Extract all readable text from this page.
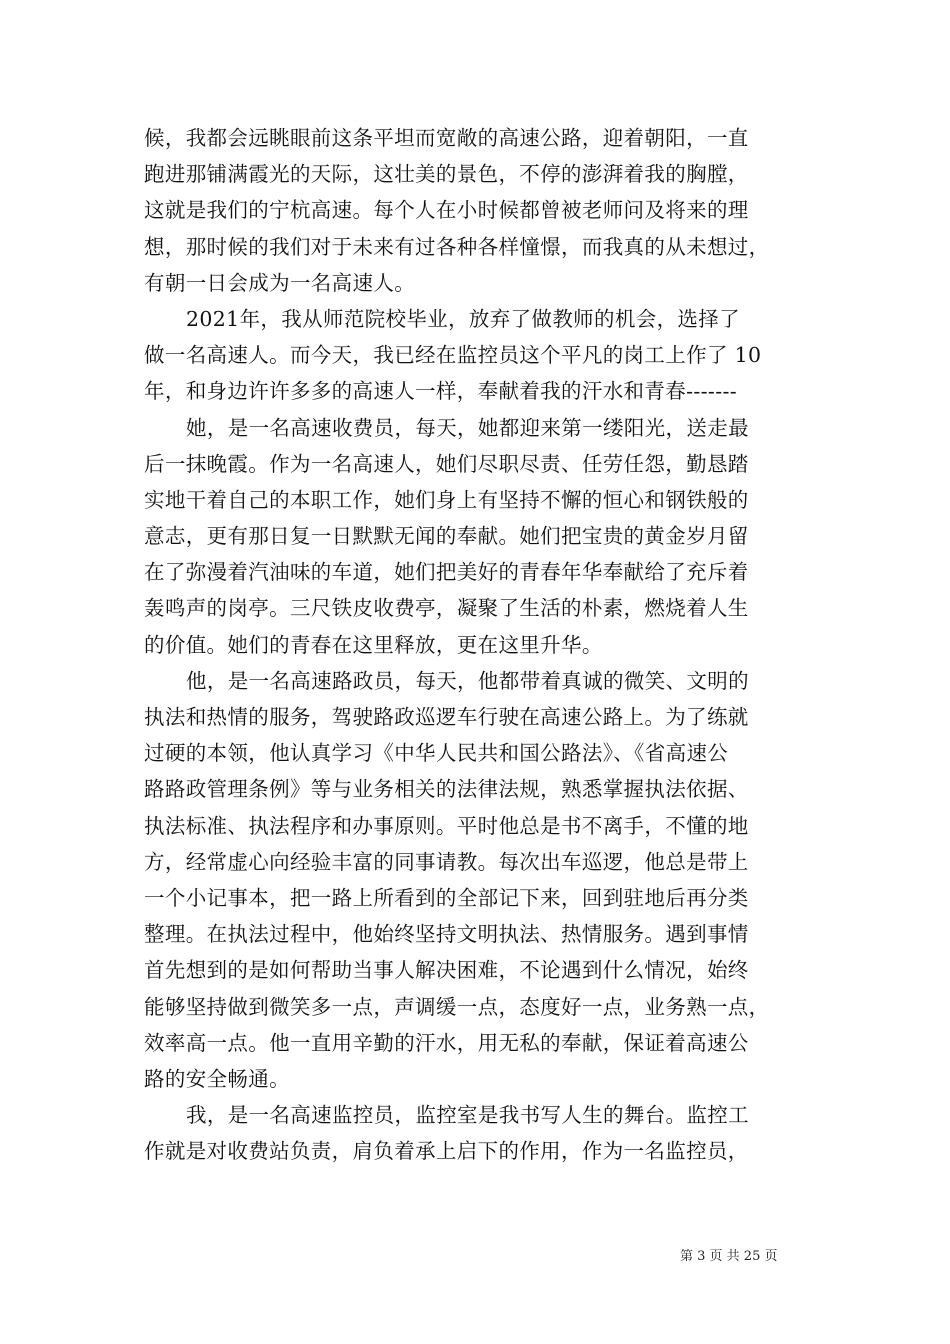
候，我都会远眺眼前这条平坦而宽敞的高速公路，迎着朝阳，一直
跑进那铺满霞光的天际，这壮美的景色，不停的澎湃着我的胸膛，
这就是我们的宁杭高速。每个人在小时候都曾被老师问及将来的理
想，那时候的我们对于未来有过各种各样憧憬，而我真的从未想过，
有朝一日会成为一名高速人。
2021年，我从师范院校毕业，放弃了做教师的机会，选择了
做一名高速人。而今天，我已经在监控员这个平凡的岗工上作了 10
年，和身边许许多多的高速人一样，奉献着我的汗水和青春-------
她，是一名高速收费员，每天，她都迎来第一缕阳光，送走最
后一抹晚霞。作为一名高速人，她们尽职尽责、任劳任怨，勤恳踏
实地干着自己的本职工作，她们身上有坚持不懈的恒心和钢铁般的
意志，更有那日复一日默默无闻的奉献。她们把宝贵的黄金岁月留
在了弥漫着汽油味的车道，她们把美好的青春年华奉献给了充斥着
轰鸣声的岗亭。三尺铁皮收费亭，凝聚了生活的朴素，燃烧着人生
的价值。她们的青春在这里释放，更在这里升华。
他，是一名高速路政员，每天，他都带着真诚的微笑、文明的
执法和热情的服务，驾驶路政巡逻车行驶在高速公路上。为了练就
过硬的本领，他认真学习《中华人民共和国公路法》、《省高速公
路路政管理条例》等与业务相关的法律法规，熟悉掌握执法依据、
执法标准、执法程序和办事原则。平时他总是书不离手，不懂的地
方，经常虚心向经验丰富的同事请教。每次出车巡逻，他总是带上
一个小记事本，把一路上所看到的全部记下来，回到驻地后再分类
整理。在执法过程中，他始终坚持文明执法、热情服务。遇到事情
首先想到的是如何帮助当事人解决困难，不论遇到什么情况，始终
能够坚持做到微笑多一点，声调缓一点，态度好一点，业务熟一点，
效率高一点。他一直用辛勤的汗水，用无私的奉献，保证着高速公
路的安全畅通。
我，是一名高速监控员，监控室是我书写人生的舞台。监控工
作就是对收费站负责，肩负着承上启下的作用，作为一名监控员，
第 3 页 共 25 页
